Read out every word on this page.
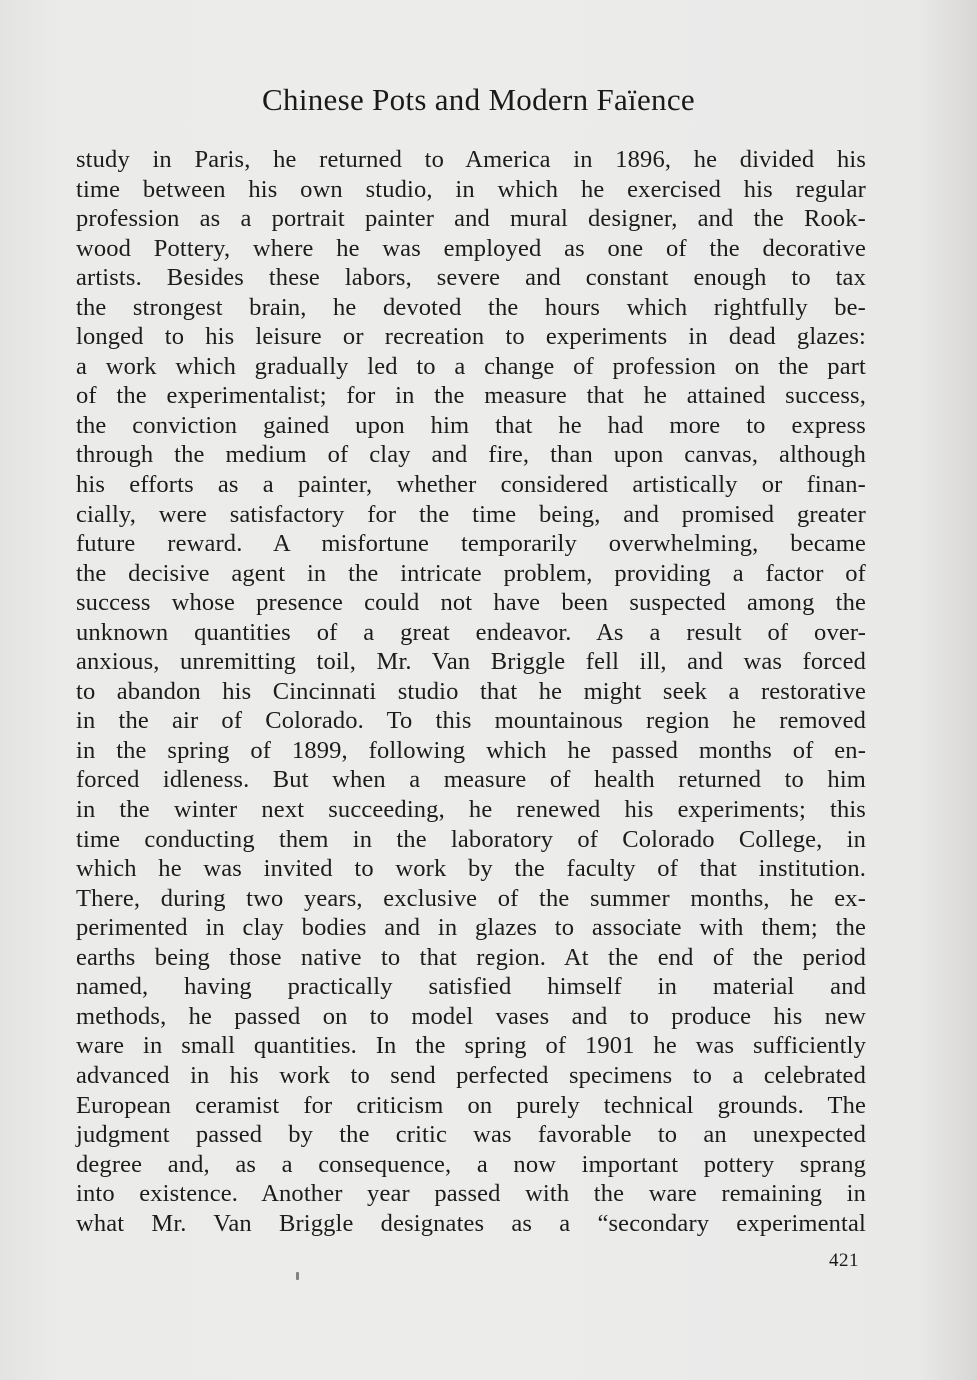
Chinese Pots and Modern Faïence
study in Paris, he returned to America in 1896, he divided his
time between his own studio, in which he exercised his regular
profession as a portrait painter and mural designer, and the Rook-
wood Pottery, where he was employed as one of the decorative
artists. Besides these labors, severe and constant enough to tax
the strongest brain, he devoted the hours which rightfully be-
longed to his leisure or recreation to experiments in dead glazes:
a work which gradually led to a change of profession on the part
of the experimentalist; for in the measure that he attained success,
the conviction gained upon him that he had more to express
through the medium of clay and fire, than upon canvas, although
his efforts as a painter, whether considered artistically or finan-
cially, were satisfactory for the time being, and promised greater
future reward. A misfortune temporarily overwhelming, became
the decisive agent in the intricate problem, providing a factor of
success whose presence could not have been suspected among the
unknown quantities of a great endeavor. As a result of over-
anxious, unremitting toil, Mr. Van Briggle fell ill, and was forced
to abandon his Cincinnati studio that he might seek a restorative
in the air of Colorado. To this mountainous region he removed
in the spring of 1899, following which he passed months of en-
forced idleness. But when a measure of health returned to him
in the winter next succeeding, he renewed his experiments; this
time conducting them in the laboratory of Colorado College, in
which he was invited to work by the faculty of that institution.
There, during two years, exclusive of the summer months, he ex-
perimented in clay bodies and in glazes to associate with them; the
earths being those native to that region. At the end of the period
named, having practically satisfied himself in material and
methods, he passed on to model vases and to produce his new
ware in small quantities. In the spring of 1901 he was sufficiently
advanced in his work to send perfected specimens to a celebrated
European ceramist for criticism on purely technical grounds. The
judgment passed by the critic was favorable to an unexpected
degree and, as a consequence, a now important pottery sprang
into existence. Another year passed with the ware remaining in
what Mr. Van Briggle designates as a “secondary experimental
421
